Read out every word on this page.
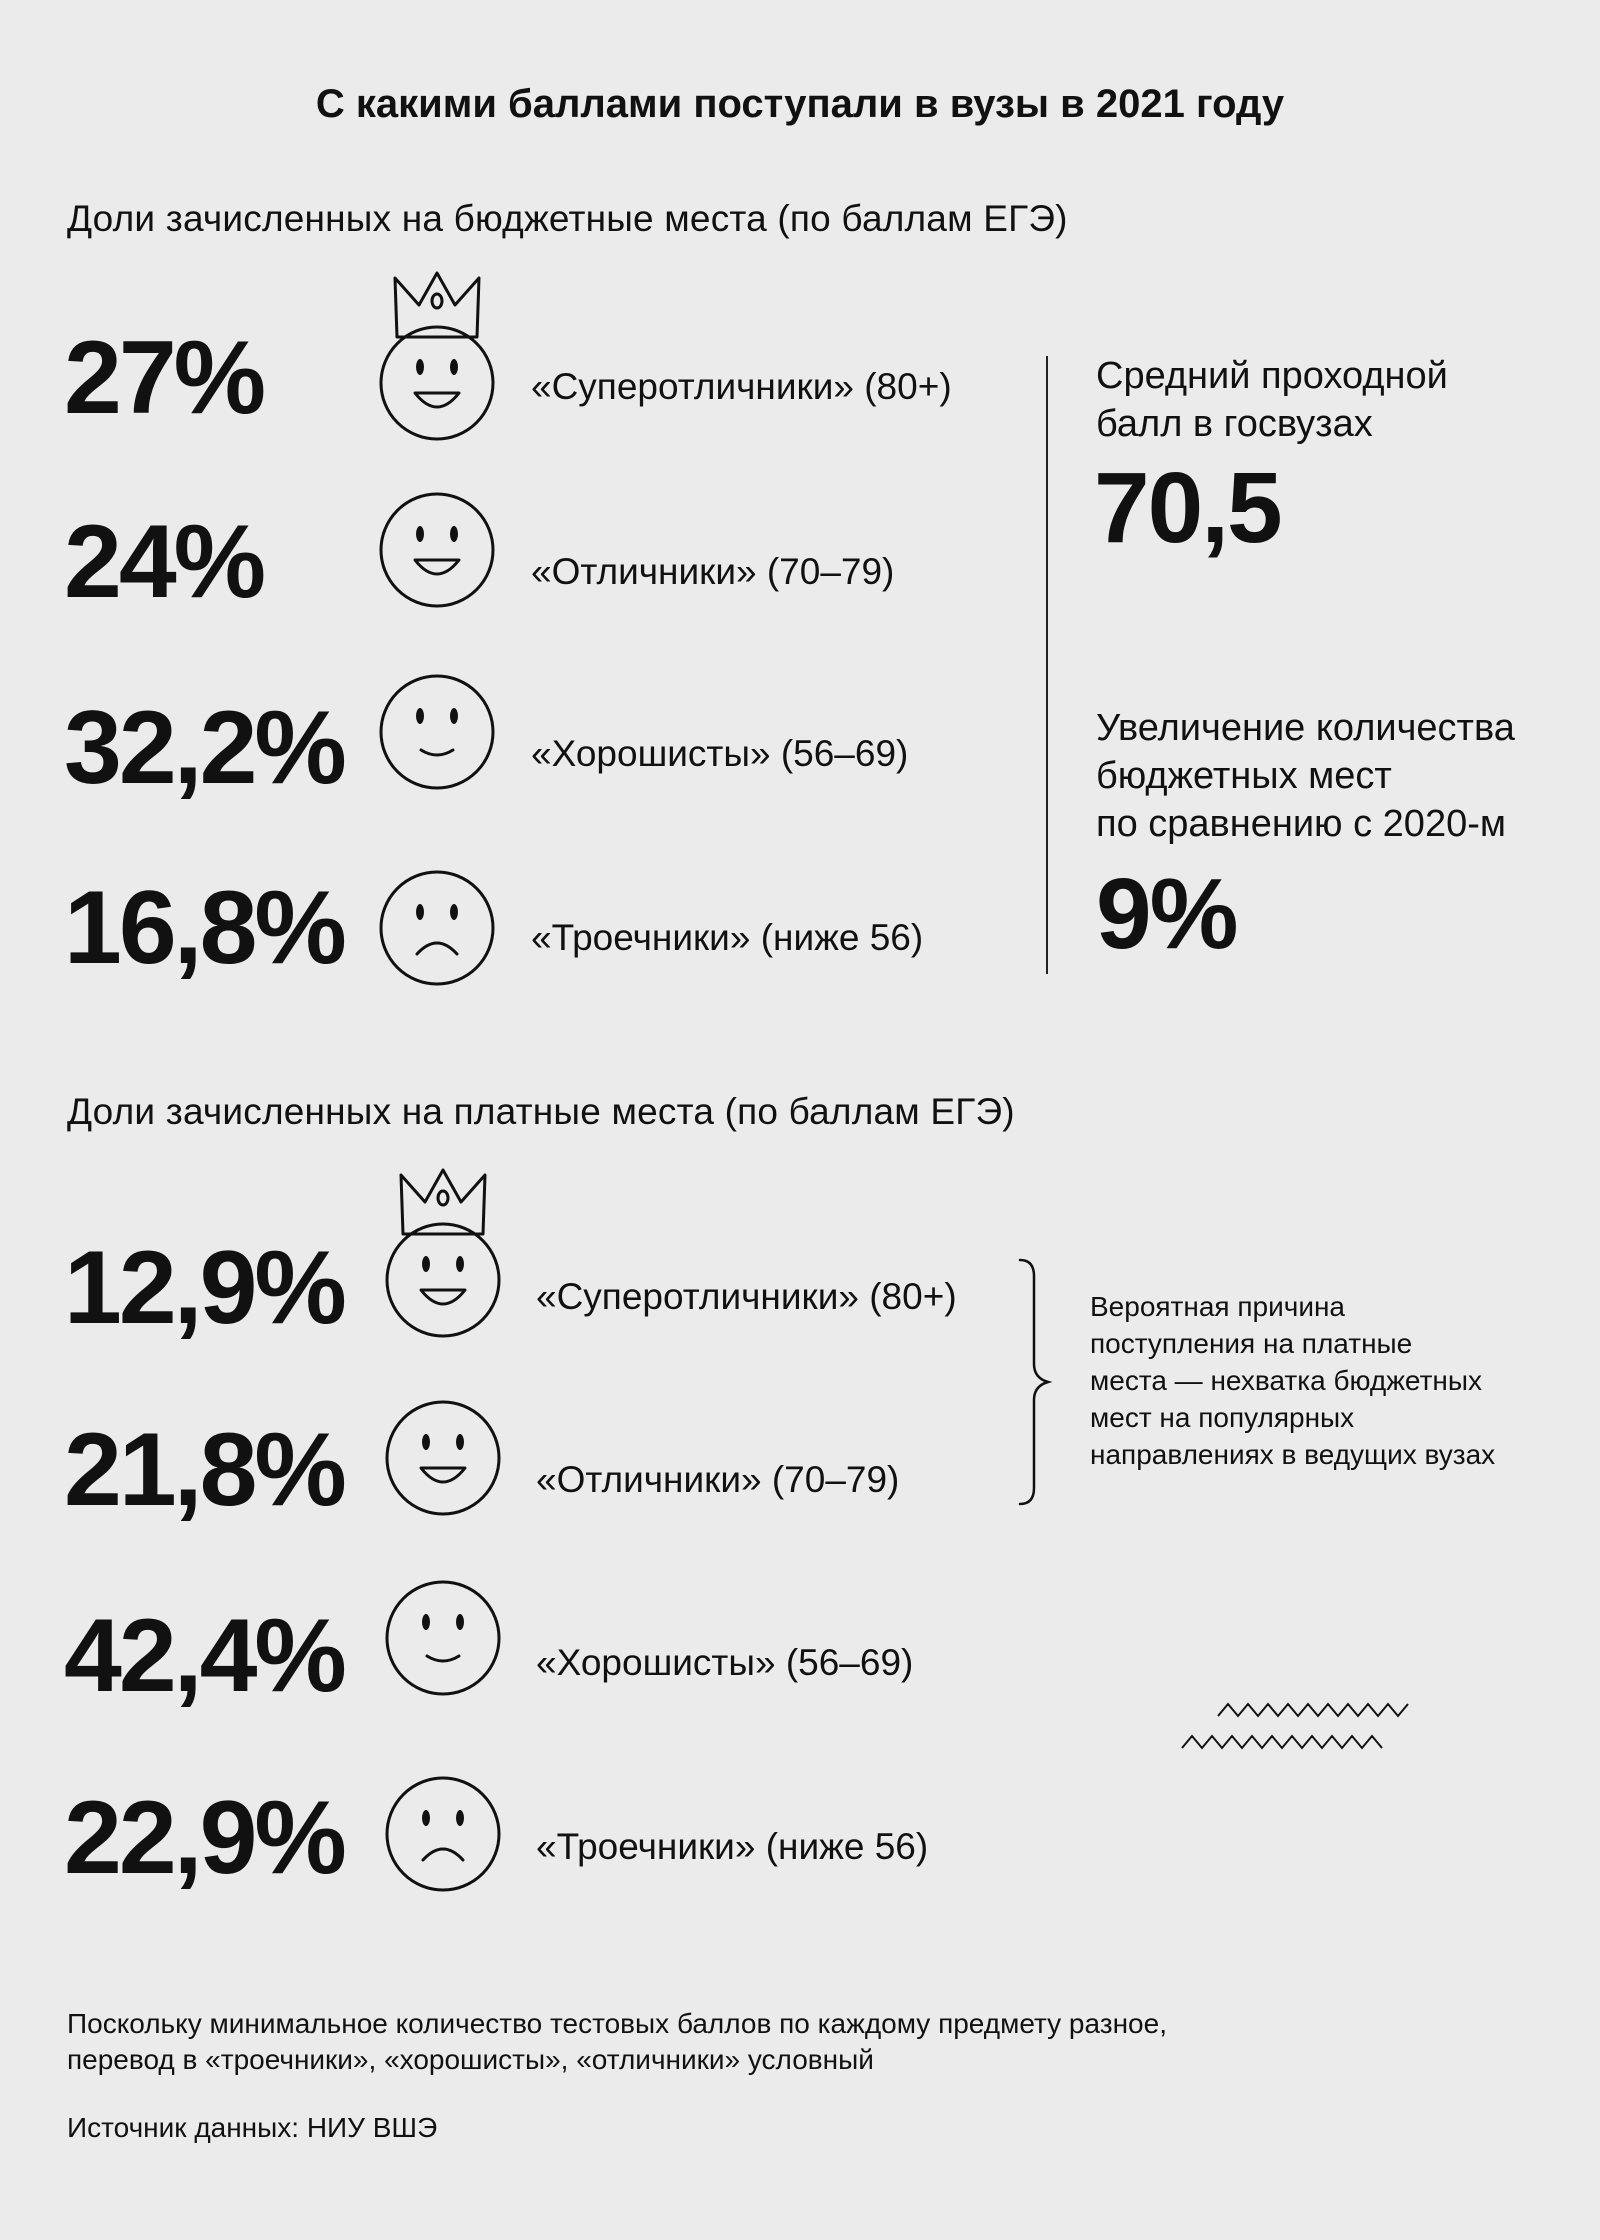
С какими баллами поступали в вузы в 2021 году
Доли зачисленных на бюджетные места (по баллам ЕГЭ)
27%
24%
32,2%
16,8%
«Суперотличники» (80+)
«Отличники» (70–79)
«Хорошисты» (56–69)
«Троечники» (ниже 56)
Средний проходной
балл в госвузах
70,5
Увеличение количества
бюджетных мест
по сравнению с 2020-м
9%
Доли зачисленных на платные места (по баллам ЕГЭ)
12,9%
21,8%
42,4%
22,9%
«Суперотличники» (80+)
«Отличники» (70–79)
«Хорошисты» (56–69)
«Троечники» (ниже 56)
Вероятная причина
поступления на платные
места — нехватка бюджетных
мест на популярных
направлениях в ведущих вузах
Поскольку минимальное количество тестовых баллов по каждому предмету разное,
перевод в «троечники», «хорошисты», «отличники» условный
Источник данных: НИУ ВШЭ
